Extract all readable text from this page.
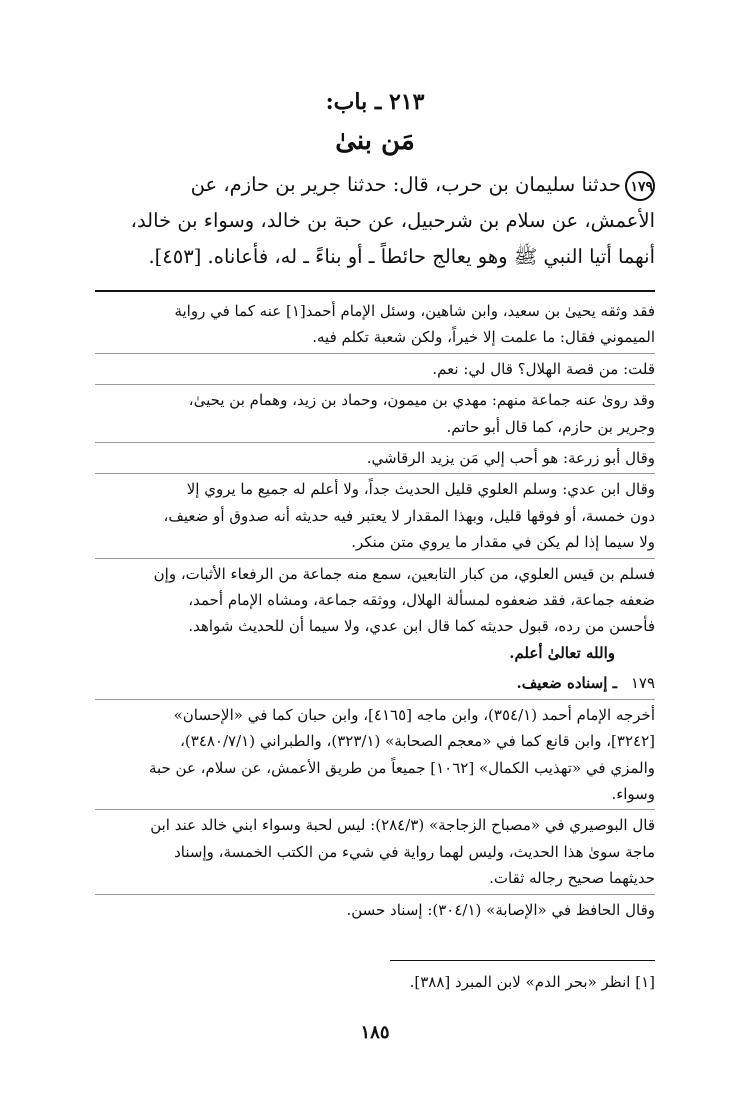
٢١٣ ـ باب:
مَن بنىٰ
١٧٩حدثنا سليمان بن حرب، قال: حدثنا جرير بن حازم، عن
الأعمش، عن سلام بن شرحبيل، عن حبة بن خالد، وسواء بن خالد،
أنهما أتيا النبي ﷺ وهو يعالج حائطاً ـ أو بناءً ـ له، فأعاناه. [٤٥٣].

فقد وثقه يحيىٰ بن سعيد، وابن شاهين، وسئل الإمام أحمد[١] عنه كما في رواية
الميموني فقال: ما علمت إلا خيراً، ولكن شعبة تكلم فيه.

قلت: من قصة الهلال؟ قال لي: نعم.

وقد روىٰ عنه جماعة منهم: مهدي بن ميمون، وحماد بن زيد، وهمام بن يحيىٰ،
وجرير بن حازم، كما قال أبو حاتم.

وقال أبو زرعة: هو أحب إلي مَن يزيد الرقاشي.

وقال ابن عدي: وسلم العلوي قليل الحديث جداً، ولا أعلم له جميع ما يروي إلا
دون خمسة، أو فوقها قليل، وبهذا المقدار لا يعتبر فيه حديثه أنه صدوق أو ضعيف،
ولا سيما إذا لم يكن في مقدار ما يروي متن منكر.

فسلم بن قيس العلوي، من كبار التابعين، سمع منه جماعة من الرفعاء الأثبات، وإن
ضعفه جماعة، فقد ضعفوه لمسألة الهلال، ووثقه جماعة، ومشاه الإمام أحمد،
فأحسن من رده، قبول حديثه كما قال ابن عدي، ولا سيما أن للحديث شواهد.

والله تعالىٰ أعلم.

١٧٩ـ إسناده ضعيف.

أخرجه الإمام أحمد (٣٥٤/١)، وابن ماجه [٤١٦٥]، وابن حبان كما في «الإحسان»
[٣٢٤٢]، وابن قانع كما في «معجم الصحابة» (٣٢٣/١)، والطبراني (٣٤٨٠/٧/١)،
والمزي في «تهذيب الكمال» [١٠٦٢] جميعاً من طريق الأعمش، عن سلام، عن حبة
وسواء.

قال البوصيري في «مصباح الزجاجة» (٢٨٤/٣): ليس لحبة وسواء ابني خالد عند ابن
ماجة سوىٰ هذا الحديث، وليس لهما رواية في شيء من الكتب الخمسة، وإسناد
حديثهما صحيح رجاله ثقات.

وقال الحافظ في «الإصابة» (٣٠٤/١): إسناد حسن.

[١] انظر «بحر الدم» لابن المبرد [٣٨٨].
١٨٥
